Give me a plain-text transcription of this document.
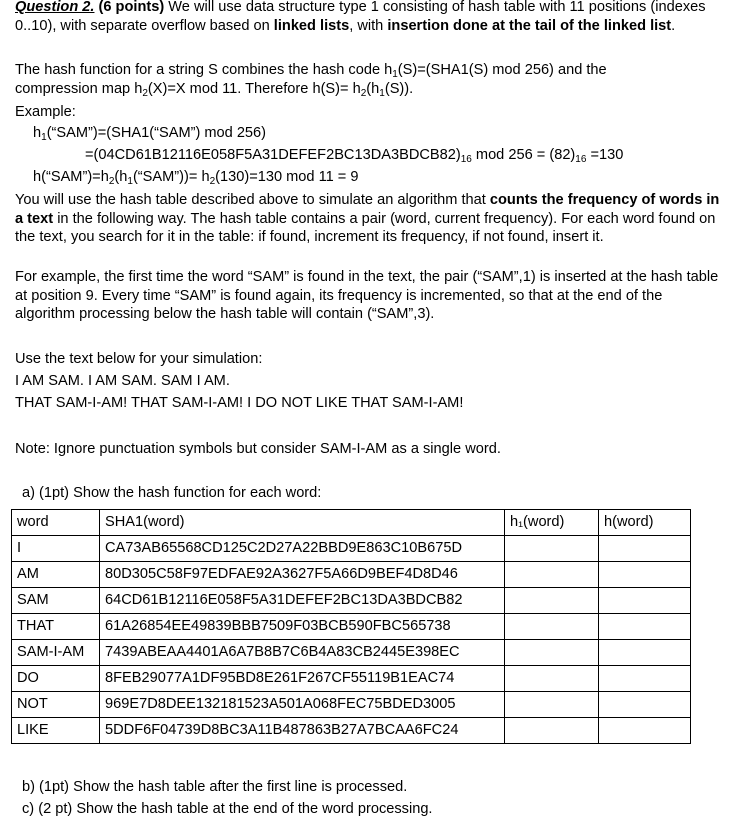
Question 2. (6 points) We will use data structure type 1 consisting of hash table with 11 positions (indexes 0..10), with separate overflow based on linked lists, with insertion done at the tail of the linked list.
The hash function for a string S combines the hash code $h_1(S)=(SHA1(S)$ mod 256) and the
compression map $h_2(X)=X$ mod 11. Therefore $h(S)= h_2(h_1(S))$.
Example:
$h_1(“SAM”)=(SHA1(“SAM”)$ mod 256)
$=(04CD61B12116E058F5A31DEFEF2BC13DA3BDCB82)_{16}$ mod $256 = (82)_{16} =130$
$h(“SAM”)=h_2(h_1(“SAM”))= h_2(130)=130$ mod 11 = 9
You will use the hash table described above to simulate an algorithm that counts the frequency of words in a text in the following way. The hash table contains a pair (word, current frequency). For each word found on the text, you search for it in the table: if found, increment its frequency, if not found, insert it.
For example, the first time the word “SAM” is found in the text, the pair (“SAM”,1) is inserted at the hash table at position 9. Every time “SAM” is found again, its frequency is incremented, so that at the end of the algorithm processing below the hash table will contain (“SAM”,3).
Use the text below for your simulation:
I AM SAM. I AM SAM. SAM I AM.
THAT SAM-I-AM! THAT SAM-I-AM! I DO NOT LIKE THAT SAM-I-AM!
Note: Ignore punctuation symbols but consider SAM-I-AM as a single word.
a) (1pt) Show the hash function for each word:
word	SHA1(word)	h₁(word)	h(word)
I	CA73AB65568CD125C2D27A22BBD9E863C10B675D		
AM	80D305C58F97EDFAE92A3627F5A66D9BEF4D8D46		
SAM	64CD61B12116E058F5A31DEFEF2BC13DA3BDCB82		
THAT	61A26854EE49839BBB7509F03BCB590FBC565738		
SAM-I-AM	7439ABEAA4401A6A7B8B7C6B4A83CB2445E398EC		
DO	8FEB29077A1DF95BD8E261F267CF55119B1EAC74		
NOT	969E7D8DEE132181523A501A068FEC75BDED3005		
LIKE	5DDF6F04739D8BC3A11B487863B27A7BCAA6FC24		
b) (1pt) Show the hash table after the first line is processed.
c) (2 pt) Show the hash table at the end of the word processing.
